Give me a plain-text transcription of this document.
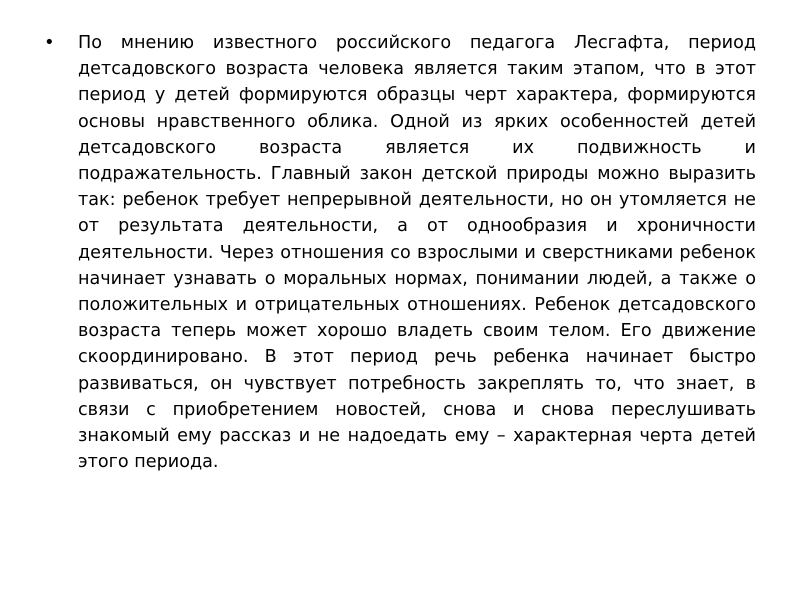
•	По мнению известного российского педагога Лесгафта, период детсадовского возраста человека является таким этапом, что в этот период у детей формируются образцы черт характера, формируются основы нравственного облика. Одной из ярких особенностей детей детсадовского возраста является их подвижность и подражательность. Главный закон детской природы можно выразить так: ребенок требует непрерывной деятельности, но он утомляется не от результата деятельности, а от однообразия и хроничности деятельности. Через отношения со взрослыми и сверстниками ребенок начинает узнавать о моральных нормах, понимании людей, а также о положительных и отрицательных отношениях. Ребенок детсадовского возраста теперь может хорошо владеть своим телом. Его движение скоординировано. В этот период речь ребенка начинает быстро развиваться, он чувствует потребность закреплять то, что знает, в связи с приобретением новостей, снова и снова переслушивать знакомый ему рассказ и не надоедать ему – характерная черта детей этого периода.
